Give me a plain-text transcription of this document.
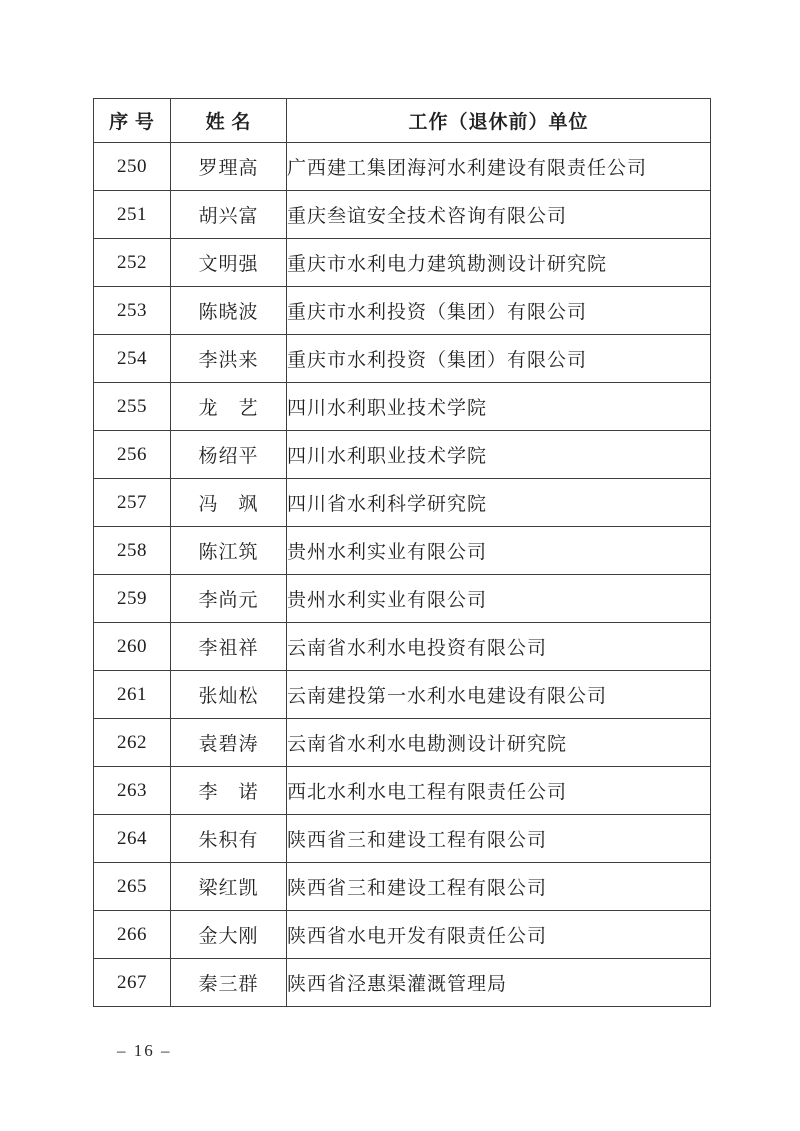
序 号	姓 名	工作（退休前）单位
250	罗理高	广西建工集团海河水利建设有限责任公司
251	胡兴富	重庆叁谊安全技术咨询有限公司
252	文明强	重庆市水利电力建筑勘测设计研究院
253	陈晓波	重庆市水利投资（集团）有限公司
254	李洪来	重庆市水利投资（集团）有限公司
255	龙　艺	四川水利职业技术学院
256	杨绍平	四川水利职业技术学院
257	冯　飒	四川省水利科学研究院
258	陈江筑	贵州水利实业有限公司
259	李尚元	贵州水利实业有限公司
260	李祖祥	云南省水利水电投资有限公司
261	张灿松	云南建投第一水利水电建设有限公司
262	袁碧涛	云南省水利水电勘测设计研究院
263	李　诺	西北水利水电工程有限责任公司
264	朱积有	陕西省三和建设工程有限公司
265	梁红凯	陕西省三和建设工程有限公司
266	金大刚	陕西省水电开发有限责任公司
267	秦三群	陕西省泾惠渠灌溉管理局
– 16 –
